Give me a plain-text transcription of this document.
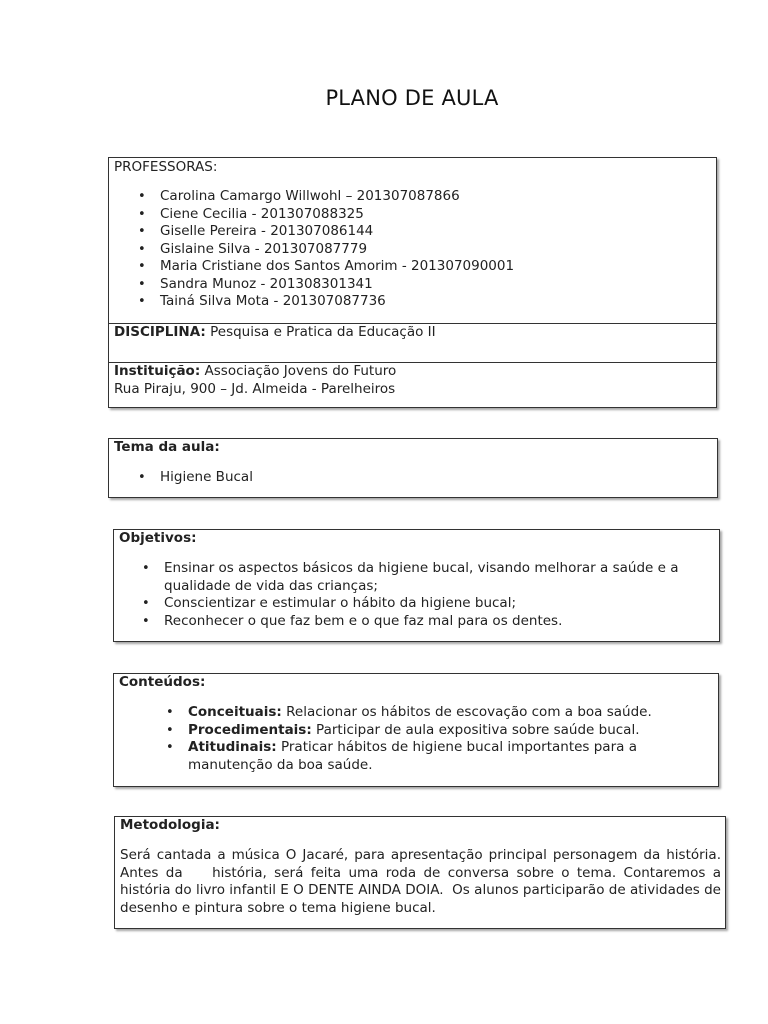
PLANO DE AULA
PROFESSORAS:
• Carolina Camargo Willwohl – 201307087866
• Ciene Cecilia - 201307088325
• Giselle Pereira - 201307086144
• Gislaine Silva - 201307087779
• Maria Cristiane dos Santos Amorim - 201307090001
• Sandra Munoz - 201308301341
• Tainá Silva Mota - 201307087736
DISCIPLINA: Pesquisa e Pratica da Educação II
Instituição: Associação Jovens do Futuro
Rua Piraju, 900 – Jd. Almeida - Parelheiros
Tema da aula:
• Higiene Bucal
Objetivos:
• Ensinar os aspectos básicos da higiene bucal, visando melhorar a saúde e a qualidade de vida das crianças;
• Conscientizar e estimular o hábito da higiene bucal;
• Reconhecer o que faz bem e o que faz mal para os dentes.
Conteúdos:
• Conceituais: Relacionar os hábitos de escovação com a boa saúde.
• Procedimentais: Participar de aula expositiva sobre saúde bucal.
• Atitudinais: Praticar hábitos de higiene bucal importantes para a manutenção da boa saúde.
Metodologia:
Será cantada a música O Jacaré, para apresentação principal personagem da história. Antes da    história, será feita uma roda de conversa sobre o tema. Contaremos a história do livro infantil E O DENTE AINDA DOIA.  Os alunos participarão de atividades de desenho e pintura sobre o tema higiene bucal.
